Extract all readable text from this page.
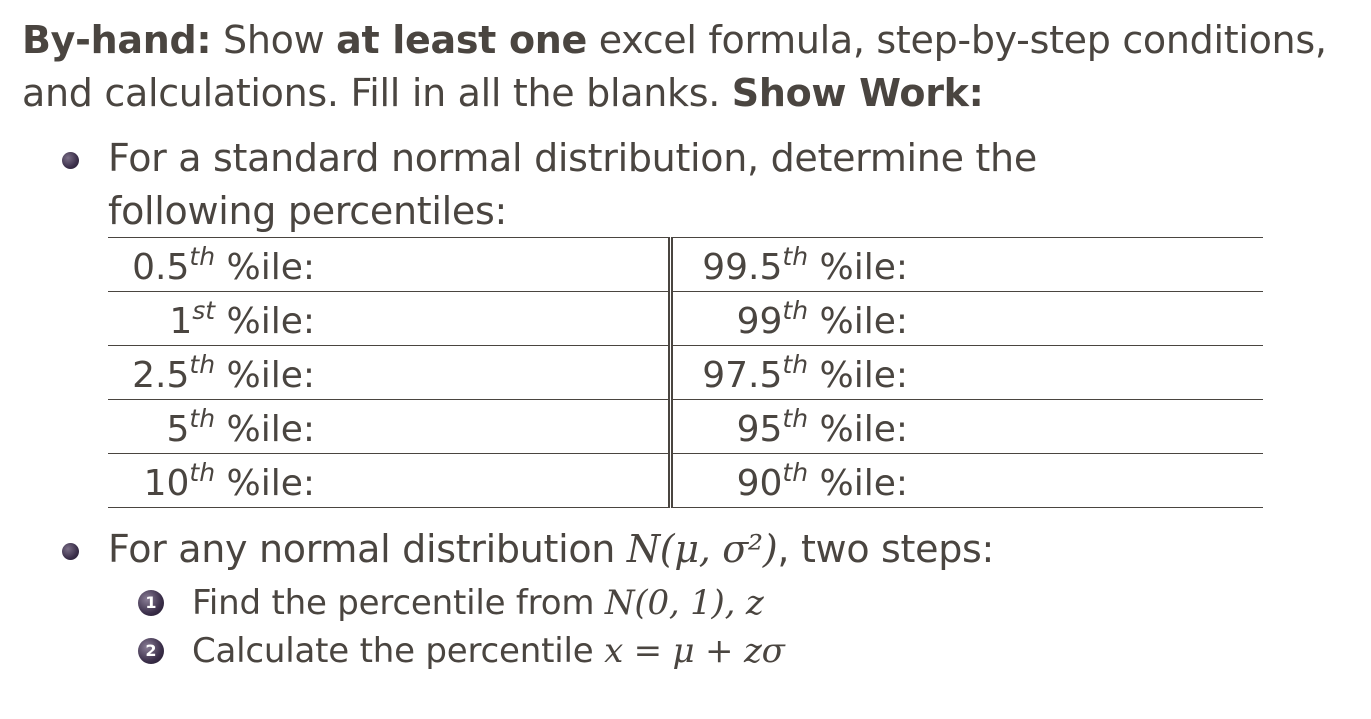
By-hand: Show at least one excel formula, step-by-step conditions, and calculations. Fill in all the blanks. Show Work:
For a standard normal distribution, determine the following percentiles:
0.5th %ile:		99.5th %ile:	
1st %ile:		99th %ile:	
2.5th %ile:		97.5th %ile:	
5th %ile:		95th %ile:	
10th %ile:		90th %ile:	
For any normal distribution N(μ, σ²), two steps:
1 Find the percentile from N(0, 1), z
2 Calculate the percentile x = μ + zσ
